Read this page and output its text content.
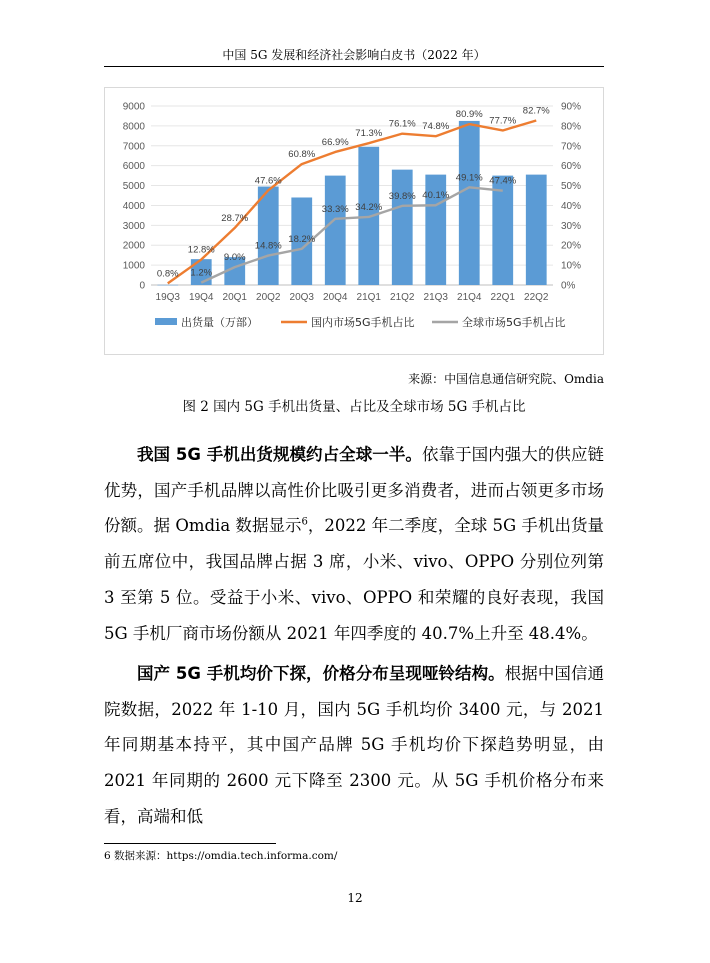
中国 5G 发展和经济社会影响白皮书（2022 年）
0.8%
12.8%
28.7%
47.6%
60.8%
66.9%
71.3%
76.1% 74.8%
80.9%
77.7%
82.7%
1.2%
9.0%
14.8%
18.2%
33.3% 34.2%
39.8% 40.1%
49.1% 47.4%
0
1000
2000
3000
4000
5000
6000
7000
8000
9000
0%
10%
20%
30%
40%
50%
60%
70%
80%
90%
19Q3 19Q4 20Q1 20Q2 20Q3 20Q4 21Q1 21Q2 21Q3 21Q4 22Q1 22Q2
出货量（万部）	国内市场5G手机占比	全球市场5G手机占比
来源：中国信息通信研究院、Omdia
图 2 国内 5G 手机出货量、占比及全球市场 5G 手机占比

我国 5G 手机出货规模约占全球一半。依靠于国内强大的供应链优势，国产手机品牌以高性价比吸引更多消费者，进而占领更多市场份额。据 Omdia 数据显示$^6$，2022 年二季度，全球 5G 手机出货量前五席位中，我国品牌占据 3 席，小米、vivo、OPPO 分别位列第 3 至第 5 位。受益于小米、vivo、OPPO 和荣耀的良好表现，我国 5G 手机厂商市场份额从 2021 年四季度的 40.7%上升至 48.4%。

国产 5G 手机均价下探，价格分布呈现哑铃结构。根据中国信通院数据，2022 年 1-10 月，国内 5G 手机均价 3400 元，与 2021 年同期基本持平，其中国产品牌 5G 手机均价下探趋势明显，由 2021 年同期的 2600 元下降至 2300 元。从 5G 手机价格分布来看，高端和低

6 数据来源：https://omdia.tech.informa.com/
12
